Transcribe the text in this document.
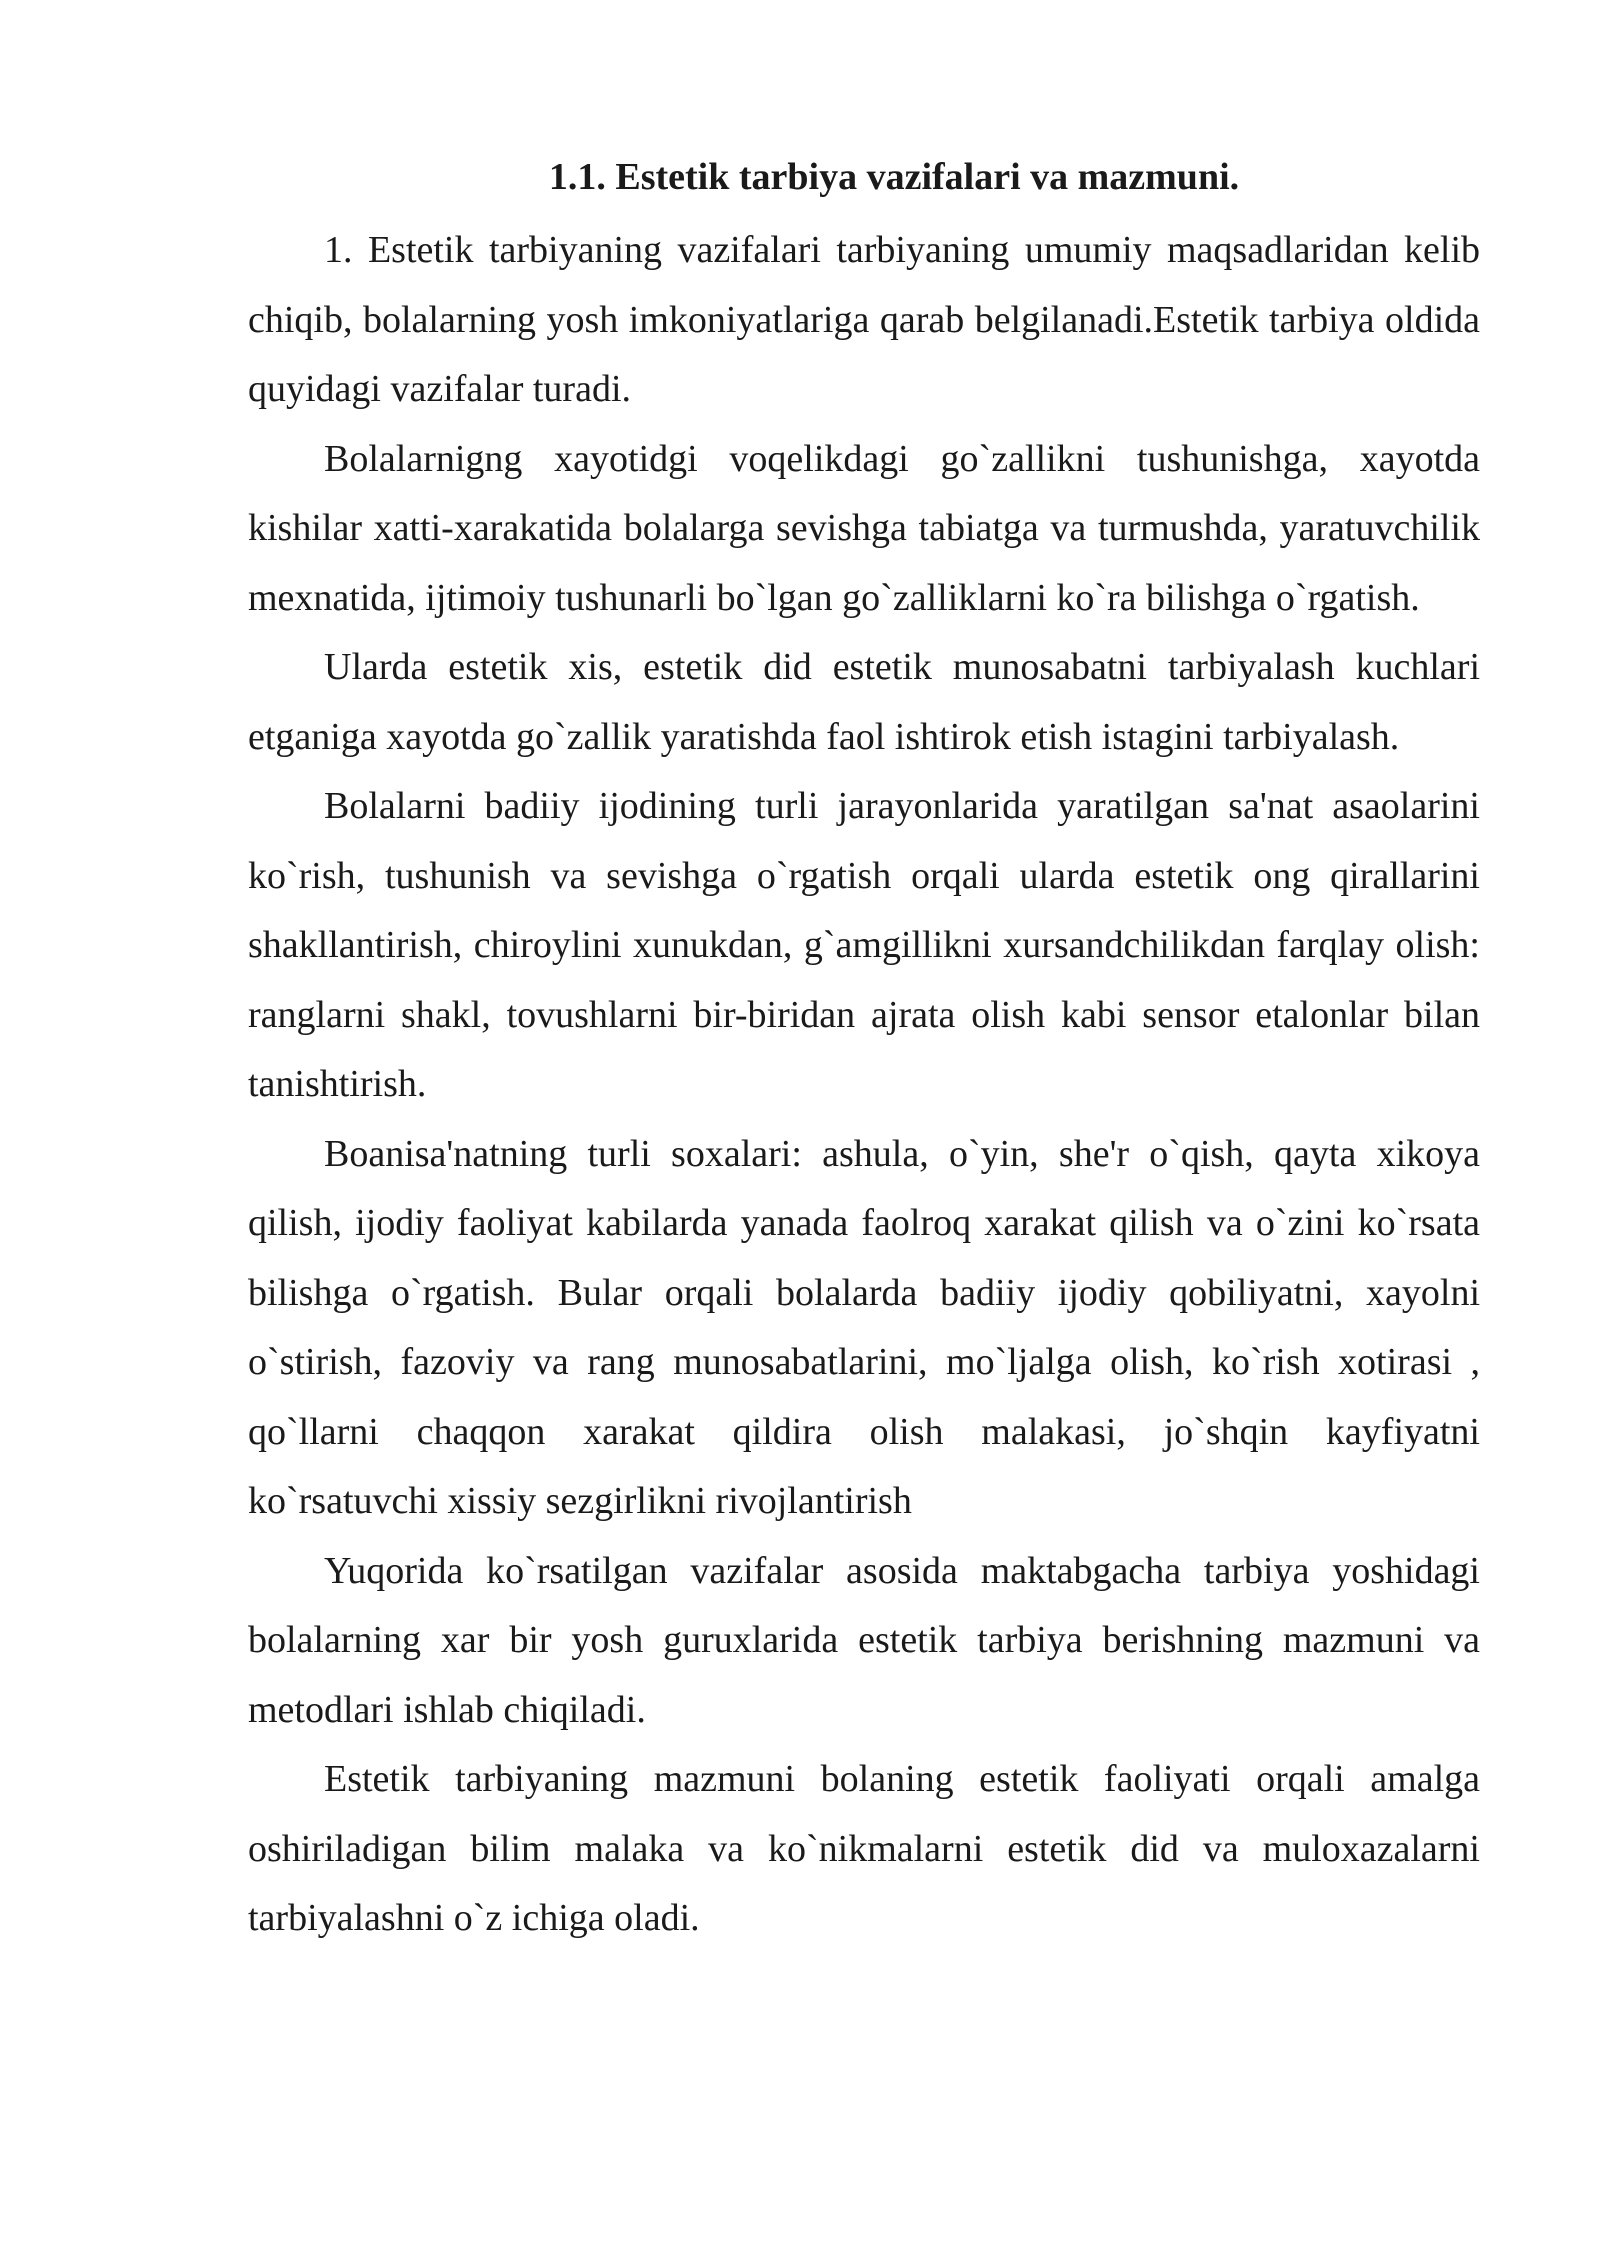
1.1. Estetik tarbiya vazifalari va mazmuni.

1. Estetik tarbiyaning vazifalari tarbiyaning umumiy maqsadlaridan kelib chiqib, bolalarning yosh imkoniyatlariga qarab belgilanadi.Estetik tarbiya oldida quyidagi vazifalar turadi.

Bolalarnigng xayotidgi voqelikdagi go`zallikni tushunishga, xayotda kishilar xatti-xarakatida bolalarga sevishga tabiatga va turmushda, yaratuvchilik mexnatida, ijtimoiy tushunarli bo`lgan go`zalliklarni ko`ra bilishga o`rgatish.

Ularda estetik xis, estetik did estetik munosabatni tarbiyalash kuchlari etganiga xayotda go`zallik yaratishda faol ishtirok etish istagini tarbiyalash.

Bolalarni badiiy ijodining turli jarayonlarida yaratilgan sa'nat asaolarini ko`rish, tushunish va sevishga o`rgatish orqali ularda estetik ong qirallarini shakllantirish, chiroylini xunukdan, g`amgillikni xursandchilikdan farqlay olish: ranglarni shakl, tovushlarni bir-biridan ajrata olish kabi sensor etalonlar bilan tanishtirish.

Boanisa'natning turli soxalari: ashula, o`yin, she'r o`qish, qayta xikoya qilish, ijodiy faoliyat kabilarda yanada faolroq xarakat qilish va o`zini ko`rsata bilishga o`rgatish. Bular orqali bolalarda badiiy ijodiy qobiliyatni, xayolni o`stirish, fazoviy va rang munosabatlarini, mo`ljalga olish, ko`rish xotirasi , qo`llarni chaqqon xarakat qildira olish malakasi, jo`shqin kayfiyatni ko`rsatuvchi xissiy sezgirlikni rivojlantirish

Yuqorida ko`rsatilgan vazifalar asosida maktabgacha tarbiya yoshidagi bolalarning xar bir yosh guruxlarida estetik tarbiya berishning mazmuni va metodlari ishlab chiqiladi.

Estetik tarbiyaning mazmuni bolaning estetik faoliyati orqali amalga oshiriladigan bilim malaka va ko`nikmalarni estetik did va muloxazalarni tarbiyalashni o`z ichiga oladi.
